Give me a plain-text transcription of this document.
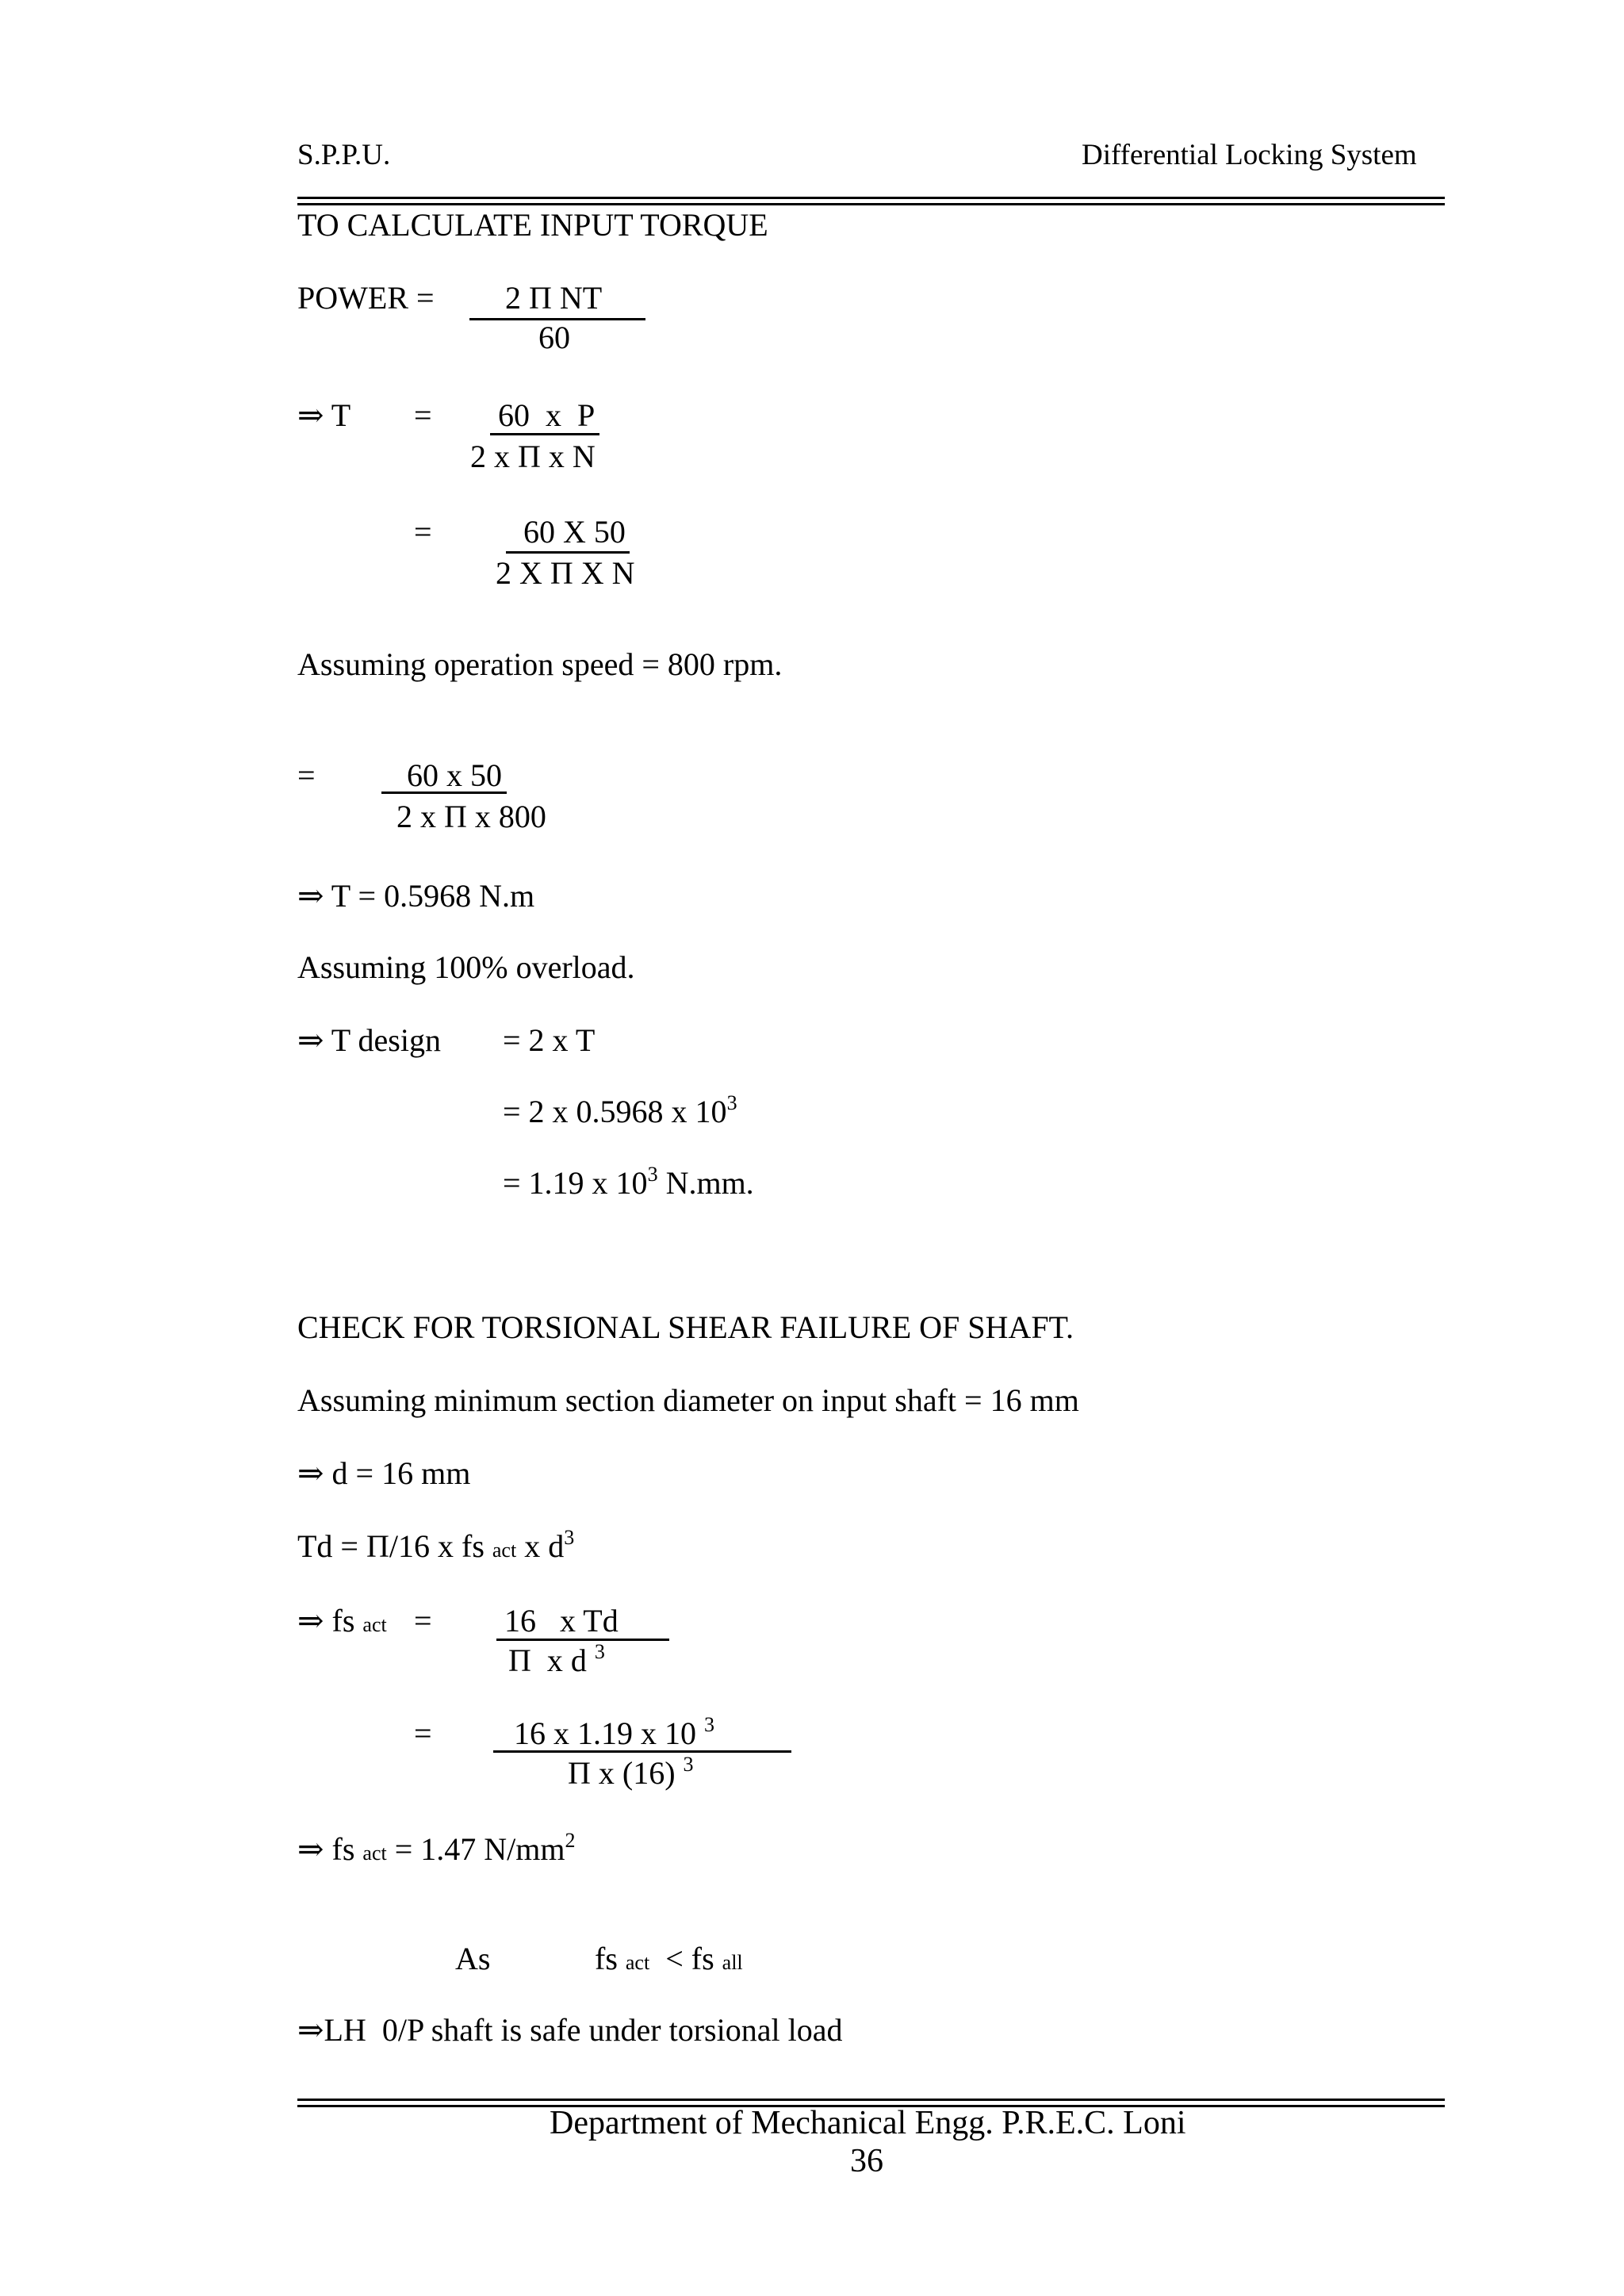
S.P.P.U.	Differential Locking System
TO CALCULATE INPUT TORQUE
POWER = 2 Π NT
60
⇒ T = 60  x  P
2 x Π x N
=	60 X 50
2 X Π X N
Assuming operation speed = 800 rpm.
=	60 x 50
2 x Π x 800
⇒ T = 0.5968 N.m
Assuming 100% overload.
⇒ T design = 2 x T
= 2 x 0.5968 x $10^3$
= 1.19 x $10^3$ N.mm.
CHECK FOR TORSIONAL SHEAR FAILURE OF SHAFT.
Assuming minimum section diameter on input shaft = 16 mm
⇒ d = 16 mm
Td = Π/16 x fs act x $d^3$
⇒ fs act = 16   x Td
Π  x d $^3$
=	16 x 1.19 x 10 $^3$
Π x (16) $^3$
⇒ fs act = 1.47 $N/mm^2$
As	fs act < fs all
⇒LH  0/P shaft is safe under torsional load
Department of Mechanical Engg. P.R.E.C. Loni
36
